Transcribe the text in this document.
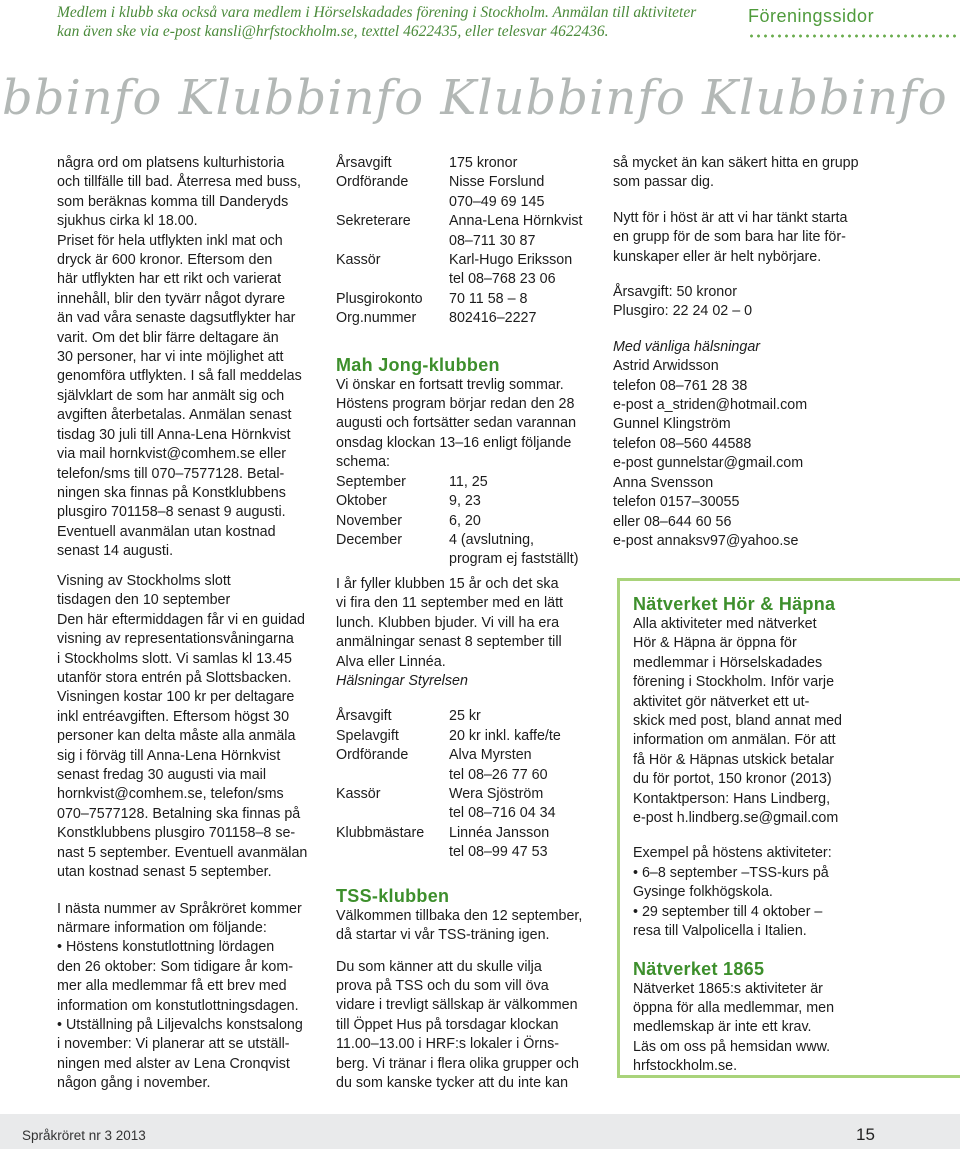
Medlem i klubb ska också vara medlem i Hörselskadades förening i Stockholm. Anmälan till aktiviteter
kan även ske via e-post kansli@hrfstockholm.se, texttel 4622435, eller telesvar 4622436.
Föreningssidor
bbinfo Klubbinfo Klubbinfo Klubbinfo

några ord om platsens kulturhistoria

och tillfälle till bad. Återresa med buss,

som beräknas komma till Danderyds

sjukhus cirka kl 18.00.

Priset för hela utflykten inkl mat och

dryck är 600 kronor. Eftersom den

här utflykten har ett rikt och varierat

innehåll, blir den tyvärr något dyrare

än vad våra senaste dagsutflykter har

varit. Om det blir färre deltagare än

30 personer, har vi inte möjlighet att

genomföra utflykten. I så fall meddelas

självklart de som har anmält sig och

avgiften återbetalas. Anmälan senast

tisdag 30 juli till Anna-Lena Hörnkvist

via mail hornkvist@comhem.se eller

telefon/sms till 070–7577128. Betal-

ningen ska finnas på Konstklubbens

plusgiro 701158–8 senast 9 augusti.

Eventuell avanmälan utan kostnad

senast 14 augusti.

Visning av Stockholms slott

tisdagen den 10 september

Den här eftermiddagen får vi en guidad

visning av representationsvåningarna

i Stockholms slott. Vi samlas kl 13.45

utanför stora entrén på Slottsbacken.

Visningen kostar 100 kr per deltagare

inkl entréavgiften. Eftersom högst 30

personer kan delta måste alla anmäla

sig i förväg till Anna-Lena Hörnkvist

senast fredag 30 augusti via mail

hornkvist@comhem.se, telefon/sms

070–7577128. Betalning ska finnas på

Konstklubbens plusgiro 701158–8 se-

nast 5 september. Eventuell avanmälan

utan kostnad senast 5 september.

I nästa nummer av Språkröret kommer

närmare information om följande:

• Höstens konstutlottning lördagen

den 26 oktober: Som tidigare år kom-

mer alla medlemmar få ett brev med

information om konstutlottningsdagen.

• Utställning på Liljevalchs konstsalong

i november: Vi planerar att se utställ-

ningen med alster av Lena Cronqvist

någon gång i november.

Årsavgift	175 kronor
Ordförande	Nisse Forslund
	070–49 69 145
Sekreterare	Anna-Lena Hörnkvist
	08–711 30 87
Kassör	Karl-Hugo Eriksson
	tel 08–768 23 06
Plusgirokonto	70 11 58 – 8
Org.nummer	802416–2227

Mah Jong-klubben

Vi önskar en fortsatt trevlig sommar.

Höstens program börjar redan den 28

augusti och fortsätter sedan varannan

onsdag klockan 13–16 enligt följande

schema:

September	11, 25
Oktober	9, 23
November	6, 20
December	4 (avslutning,
	program ej fastställt)

I år fyller klubben 15 år och det ska

vi fira den 11 september med en lätt

lunch. Klubben bjuder. Vi vill ha era

anmälningar senast 8 september till

Alva eller Linnéa.

Hälsningar Styrelsen

Årsavgift	25 kr
Spelavgift	20 kr inkl. kaffe/te
Ordförande	Alva Myrsten
	tel 08–26 77 60
Kassör	Wera Sjöström
	tel 08–716 04 34
Klubbmästare	Linnéa Jansson
	tel 08–99 47 53

TSS-klubben

Välkommen tillbaka den 12 september,

då startar vi vår TSS-träning igen.

Du som känner att du skulle vilja

prova på TSS och du som vill öva

vidare i trevligt sällskap är välkommen

till Öppet Hus på torsdagar klockan

11.00–13.00 i HRF:s lokaler i Örns-

berg. Vi tränar i flera olika grupper och

du som kanske tycker att du inte kan

så mycket än kan säkert hitta en grupp

som passar dig.

Nytt för i höst är att vi har tänkt starta

en grupp för de som bara har lite för-

kunskaper eller är helt nybörjare.

Årsavgift: 50 kronor

Plusgiro: 22 24 02 – 0

Med vänliga hälsningar

Astrid Arwidsson

telefon 08–761 28 38

e-post a_striden@hotmail.com

Gunnel Klingström

telefon 08–560 44588

e-post gunnelstar@gmail.com

Anna Svensson

telefon 0157–30055

eller 08–644 60 56

e-post annaksv97@yahoo.se

Nätverket Hör & Häpna

Alla aktiviteter med nätverket

Hör & Häpna är öppna för

medlemmar i Hörselskadades

förening i Stockholm. Inför varje

aktivitet gör nätverket ett ut-

skick med post, bland annat med

information om anmälan. För att

få Hör & Häpnas utskick betalar

du för portot, 150 kronor (2013)

Kontaktperson: Hans Lindberg,

e-post h.lindberg.se@gmail.com

Exempel på höstens aktiviteter:

• 6–8 september –TSS-kurs på

Gysinge folkhögskola.

• 29 september till 4 oktober –

resa till Valpolicella i Italien.

Nätverket 1865

Nätverket 1865:s aktiviteter är

öppna för alla medlemmar, men

medlemskap är inte ett krav.

Läs om oss på hemsidan www.

hrfstockholm.se.

Språkröret nr 3 2013	15
